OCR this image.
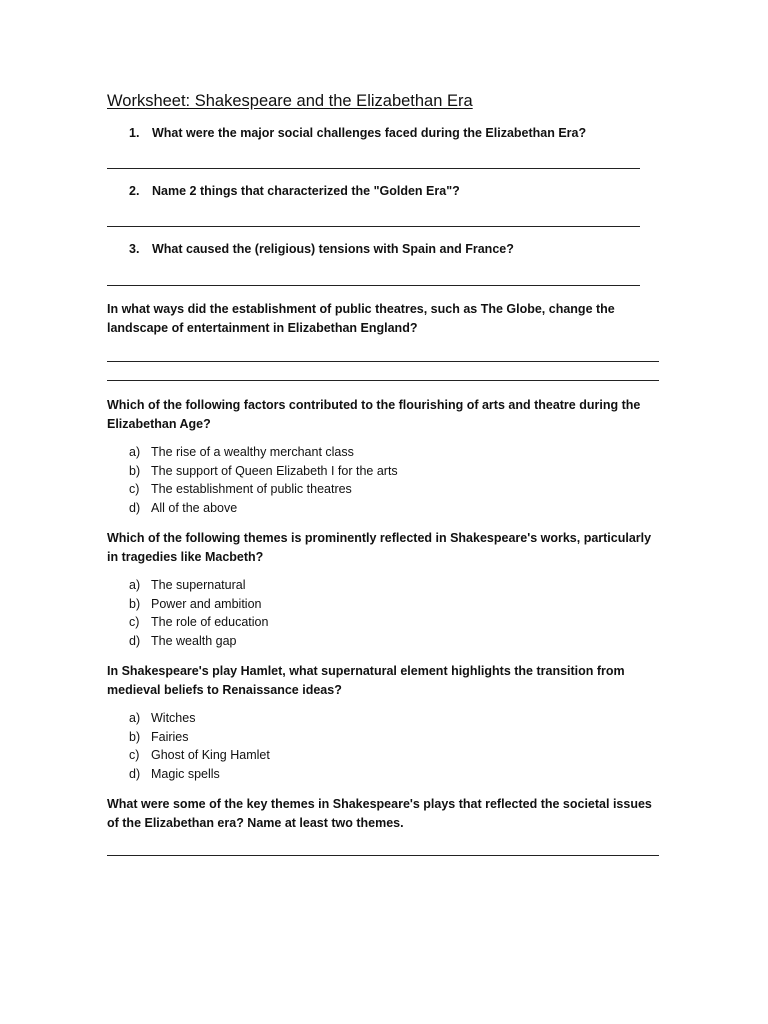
Worksheet: Shakespeare and the Elizabethan Era
1. What were the major social challenges faced during the Elizabethan Era?
2. Name 2 things that characterized the "Golden Era"?
3. What caused the (religious) tensions with Spain and France?
In what ways did the establishment of public theatres, such as The Globe, change the landscape of entertainment in Elizabethan England?
Which of the following factors contributed to the flourishing of arts and theatre during the Elizabethan Age?
a) The rise of a wealthy merchant class
b) The support of Queen Elizabeth I for the arts
c) The establishment of public theatres
d) All of the above
Which of the following themes is prominently reflected in Shakespeare's works, particularly in tragedies like Macbeth?
a) The supernatural
b) Power and ambition
c) The role of education
d) The wealth gap
In Shakespeare's play Hamlet, what supernatural element highlights the transition from medieval beliefs to Renaissance ideas?
a) Witches
b) Fairies
c) Ghost of King Hamlet
d) Magic spells
What were some of the key themes in Shakespeare's plays that reflected the societal issues of the Elizabethan era? Name at least two themes.
